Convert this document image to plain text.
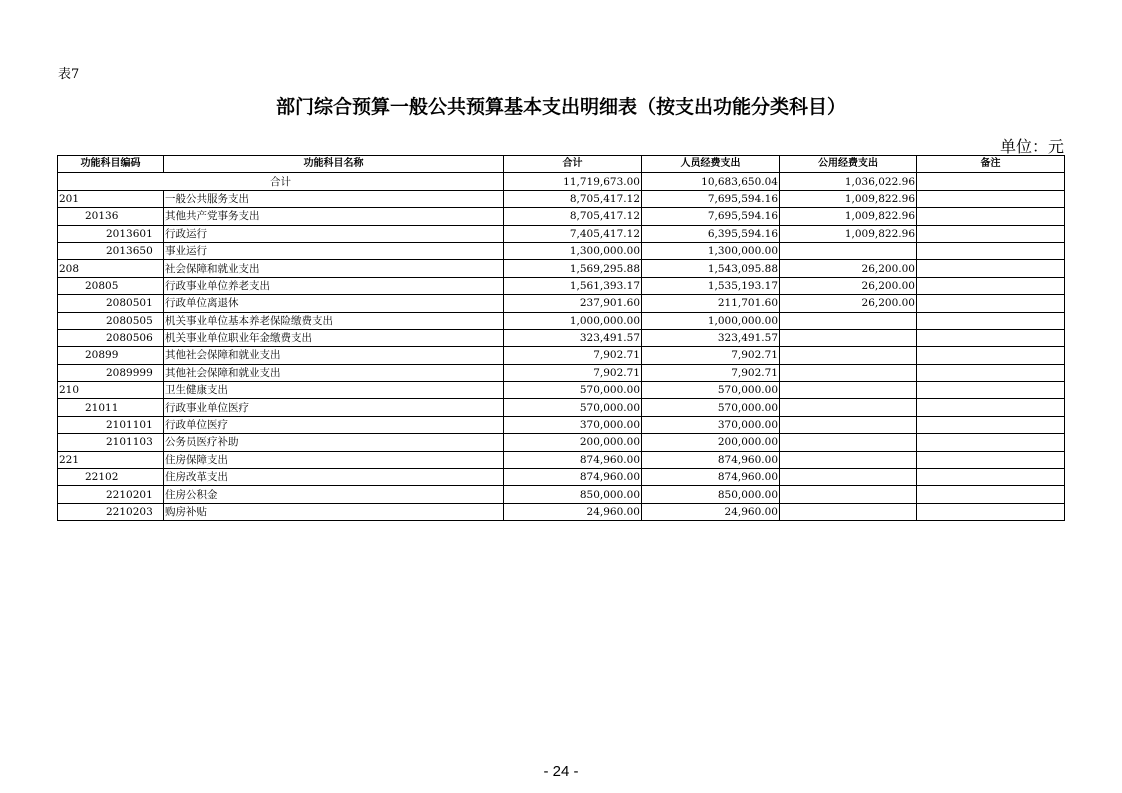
表7
部门综合预算一般公共预算基本支出明细表（按支出功能分类科目）
单位：元
功能科目编码	功能科目名称	合计	人员经费支出	公用经费支出	备注
合计		11,719,673.00	10,683,650.04	1,036,022.96	
201	一般公共服务支出	8,705,417.12	7,695,594.16	1,009,822.96	
20136	其他共产党事务支出	8,705,417.12	7,695,594.16	1,009,822.96	
2013601	行政运行	7,405,417.12	6,395,594.16	1,009,822.96	
2013650	事业运行	1,300,000.00	1,300,000.00		
208	社会保障和就业支出	1,569,295.88	1,543,095.88	26,200.00	
20805	行政事业单位养老支出	1,561,393.17	1,535,193.17	26,200.00	
2080501	行政单位离退休	237,901.60	211,701.60	26,200.00	
2080505	机关事业单位基本养老保险缴费支出	1,000,000.00	1,000,000.00		
2080506	机关事业单位职业年金缴费支出	323,491.57	323,491.57		
20899	其他社会保障和就业支出	7,902.71	7,902.71		
2089999	其他社会保障和就业支出	7,902.71	7,902.71		
210	卫生健康支出	570,000.00	570,000.00		
21011	行政事业单位医疗	570,000.00	570,000.00		
2101101	行政单位医疗	370,000.00	370,000.00		
2101103	公务员医疗补助	200,000.00	200,000.00		
221	住房保障支出	874,960.00	874,960.00		
22102	住房改革支出	874,960.00	874,960.00		
2210201	住房公积金	850,000.00	850,000.00		
2210203	购房补贴	24,960.00	24,960.00		
- 24 -
